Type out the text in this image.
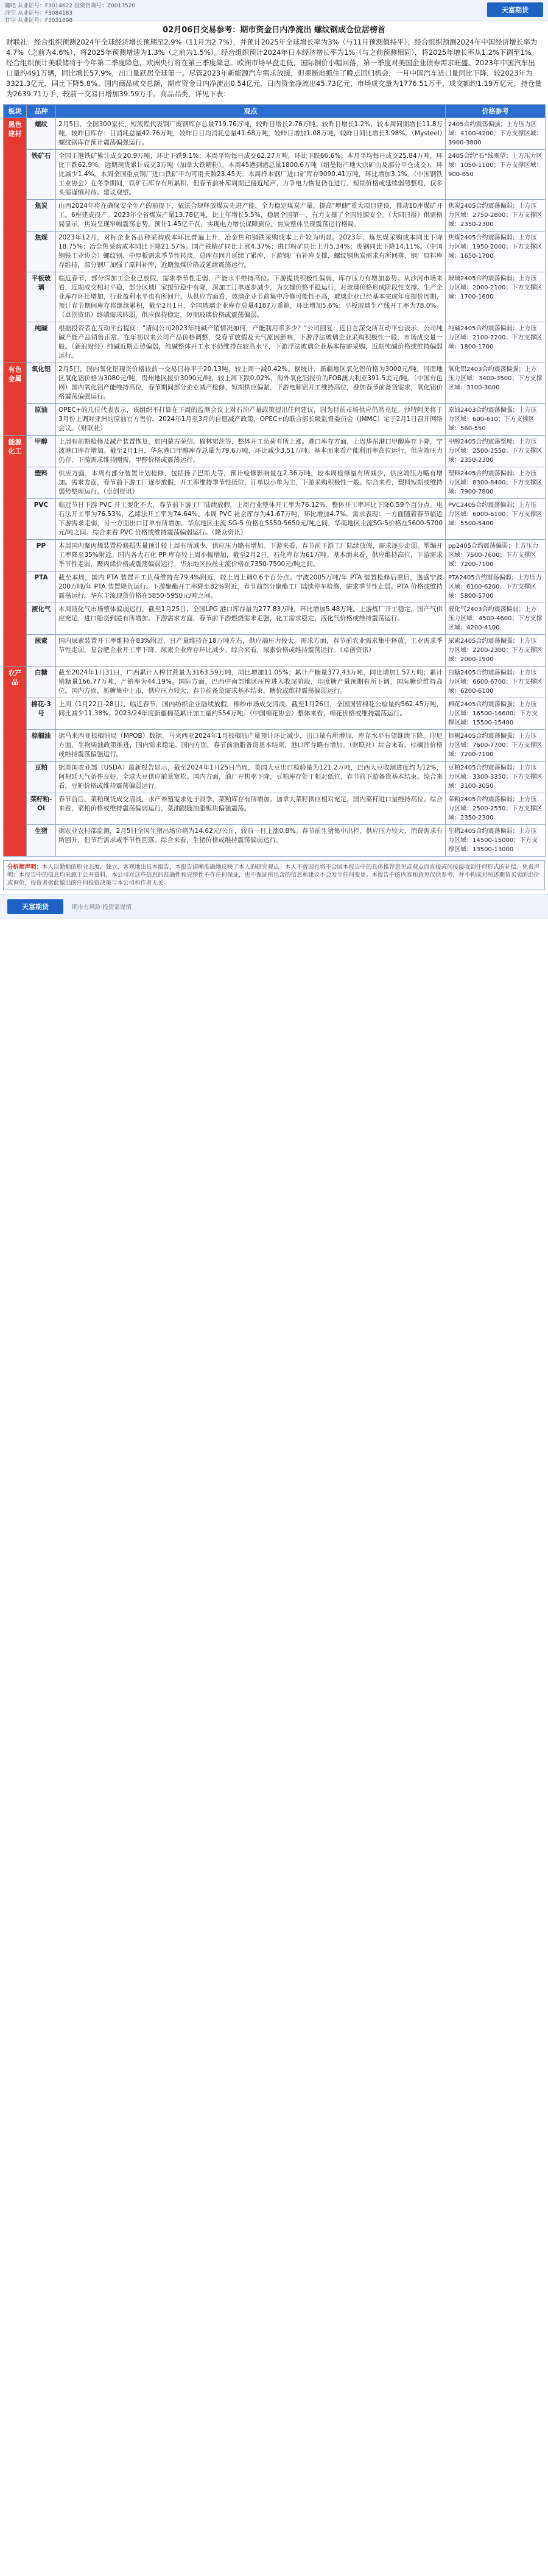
魔吧 从业证号：F3014622 投资咨询号：Z0013520
汪宇 从业证号：F3084183
甘宇 从业证号：F3031898
天富期货
02月06日交易参考：期市资金日内净流出 螺纹钢成仓位居榜首

财联社：经合组织预测2024年全球经济增长预期至2.9%（11月为2.7%），并预计2025年全球增长率为3%（与11月预测值持平）；经合组织预测2024年中国经济增长率为4.7%（之前为4.6%），将2025年预测增速为1.3%（之前为1.5%）。经合组织预计2024年日本经济增长率为1%（与之前预测相同），将2025年增长率从1.2%下调至1%。经合组织预计美联储将于今年第二季度降息，欧洲央行将在第三季度降息。欧洲市场早盘走低，国际铜价小幅回落，第一季度对美国企业债券需求旺盛。2023年中国汽车出口量约491万辆，同比增长57.9%，出口量跃居全球第一。尽管2023年新能源汽车需求放缓，但果断地抓住了晚点回归机会，一月中国汽车进口量同比下降，较2023年为3321.3亿元，同比下降5.8%。国内商品成交总额，期市资金日内净流出0.54亿元，日内资金净流出45.73亿元，市场成交量为1776.51万手，成交额约1.19万亿元，持仓量为2639.71万手，较前一交易日增加39.59万手。商品品类，详见下表：

板块	品种	观点	价格参考
黑色建材	螺纹	2月5日，全国300家长、短流程代表钢厂废钢库存总量719.76万吨，较昨日增长2.76万吨。较昨日增长1.2%，较本周同期增长11.8万吨，较昨日库存：日消耗总量42.76万吨，较昨日日均消耗总量41.68万吨，较昨日增加1.08万吨，较昨日同比增长3.98%。（Mysteel）螺纹钢库存预计震荡偏强运行。	2405合约震荡偏强；上方压力区域：4100-4200；下方支撑区域：3900-3800
	铁矿石	全国主港铁矿累计成交20.9万吨，环比下跌9.1%；本周平均每日成交62.27万吨，环比下跌66.6%；本月平均每日成交25.84万吨，环比下跌62.9%。远期现货累计成交3万吨（加拿大铁精粉）。本周45港到港总量1800.6万吨（纽曼粉产地大宗矿山及部分平仓成交），环比减少1.4%。本周全国重点钢厂进口铁矿平均可用天数23.45天。本周样本钢厂进口矿库存9090.41万吨，环比增加3.1%。（中国钢铁工业协会）在冬季期间，铁矿石库存有所累积，但春节前补库周期已接近尾声，力争电力恢复仍在进行，短期价格或延续弱势整理，仅多头需谨慎对待。建议观望。	2405合约"石"线观望；上方压力区域：1050-1100；下方支撑区域：900-850
	焦炭	山西2024年将在确保安全生产的前提下，依法合规释放煤炭先进产能，全力稳定煤炭产量，提高"增储"重大项目建设，推动10座煤矿开工。6座建成投产。2023年全省煤炭产量13.78亿吨，比上年增长5.5%，稳居全国第一，有力支撑了全国能源安全。（大同日报）供需格局显示，焦炭呈现窄幅震荡态势，预计1.45亿千瓦，实现电力增长保障到位，焦炭整体呈现震荡运行格局。	焦炭2405合约震荡偏弱；上方压力区域：2750-2800；下方支撑区域：2350-2300
	焦煤	2023年12月，对标企业各品种采购成本环比普遍上升，冶金焦和钢铁采购成本上升较为明显。2023年，炼焦煤采购成本同比下降18.75%；冶金焦采购成本同比下降21.57%。国产铁精矿同比上涨4.37%；进口粉矿同比上升5.34%；废钢同比下降14.11%。（中国钢铁工业协会）螺纹钢、中厚板需求季节性转淡，总库存回升延续了累库，下游钢厂有补库支撑，螺纹钢焦炭需求有所回落，钢厂原料库存维持，部分钢厂加强了原料补库，近期焦煤价格或延续震荡运行。	焦煤2405合约震荡偏弱；上方压力区域：1950-2000；下方支撑区域：1650-1700
	平板玻璃	临近春节，部分深加工企业已放假，需求季节性走弱，产能水平维持高位。下游提货积极性偏弱，库存压力有增加态势。从沙河市场来看，近期成交相对平稳，部分区域厂家报价稳中有降，深加工订单逐步减少，为支撑价格平稳运行，对玻璃价格形成阶段性支撑。生产企业库存环比增加，行业盈利水平也有所回升。从供应方面看，玻璃企业节前集中冷修可能性不高，玻璃企业已经基本完成年度提价周期，预计春节期间库存将继续累积，截至2月1日，全国玻璃企业库存总量4187万重箱，环比增加5.6%；平板玻璃生产线开工率为78.0%。（卓创资讯）终端需求转弱，供应保持稳定，短期玻璃价格或震荡偏弱。	玻璃2405合约震荡偏弱；上方压力区域：2000-2100；下方支撑区域：1700-1600
	纯碱	根据投资者在互动平台提问："请问公司2023年纯碱产销情况如何，产能利用率多少？"公司回复：近日在深交所互动平台表示，公司纯碱产能产品销售正常。在年初以来公司产品价格调整，受春节放假及天气原因影响，下游浮法玻璃企业采购积极性一般，市场成交量一般。（新浪财经）纯碱近期走势偏弱，纯碱整体开工水平仍维持在较高水平，下游浮法玻璃企业基本按需采购，近期纯碱价格或维持偏弱运行。	纯碱2405合约震荡偏弱；上方压力区域：2100-2200；下方支撑区域：1800-1700
有色金属	氧化铝	2月5日，国内氧化铝现货价格较前一交易日持平于20.13吨，较上周一减0.42%。据统计，新疆地区氧化铝价格为3000元/吨，河南地区氧化铝价格为3080元/吨，贵州地区报价3090元/吨，较上周下跌0.02%，海外氧化铝报价为FOB澳大利亚391.5美元/吨。（中国有色网）国内氧化铝产能维持高位，春节期间部分企业减产检修，短期供应偏紧，下游电解铝开工维持高位，叠加春节前备货需求，氧化铝价格震荡偏强运行。	氧化铝2403合约震荡偏强；上方压力区域：3400-3500；下方支撑区域：3100-3000
	原油	OPEC+的几位代表表示，该组织不打算在下周的监测会议上对石油产量政策提出任何建议，因为目前市场供应仍然充足。沙特阿美将于3月份上调对亚洲的原油官方售价。2024年1月至3月的自愿减产政策，OPEC+的联合部长级监督委员会（JMMC）定于2月1日召开网络会议。（财联社）	原油2403合约震荡偏强；上方压力区域：600-610；下方支撑区域：560-550
能源化工	甲醇	上周有前期检修及减产装置恢复，如内蒙古荣信、榆林宛茨等，整体开工负荷有所上涨。港口库存方面，上周华东港口甲醇库存下降，宁波港口库存增加。截至2月1日，华东港口甲醇库存总量为79.6万吨，环比减少3.51万吨。基本面来看产能利用率高位运行，供应端压力仍存，下游需求维持刚需，甲醇价格或震荡运行。	甲醇2405合约震荡整理；上方压力区域：2500-2550；下方支撑区域：2350-2300
	塑料	供应方面，本周有部分装置计划检修，包括扬子巴斯夫等，预计检修影响量在2.36万吨，较本周检修量有所减少，供应端压力略有增加。需求方面，春节前下游工厂逐步放假，开工率维持季节性低位，订单以小单为主，下游采购积极性一般。综合来看，塑料短期或维持弱势整理运行。（卓创资讯）	塑料2405合约震荡偏弱；上方压力区域：8300-8400；下方支撑区域：7900-7800
	PVC	临近节日下游 PVC 开工变化不大，春节前下游工厂陆续放假，上周行业整体开工率为76.12%，整体开工率环比下降0.59个百分点。电石法开工率为76.53%，乙烯法开工率为74.64%。本周 PVC 社会库存为41.67万吨，环比增加4.7%。需求表现：一方面随着春节临近下游需求走弱，另一方面出口订单有所增加。华东地区主流 SG-5 价格在5550-5650元/吨之间，华南地区主流SG-5价格在5600-5700元/吨之间。综合来看 PVC 价格或维持震荡偏弱运行。（隆众资讯）	PVC2405合约震荡偏弱；上方压力区域：6000-6100；下方支撑区域：5500-5400
	PP	本周国内聚丙烯装置检修损失量预计较上周有所减少，供应压力略有增加。下游来看，春节前下游工厂陆续放假，需求逐步走弱，塑编开工率降至35%附近。国内各大石化 PP 库存较上周小幅增加，截至2月2日，石化库存为61万吨。基本面来看，供应维持高位，下游需求季节性走弱，聚丙烯价格或震荡偏弱运行。华东地区拉丝主流价格在7350-7500元/吨之间。	pp2405合约震荡偏弱；上方压力区域：7500-7600；下方支撑区域：7200-7100
	PTA	截至本周，国内 PTA 装置开工负荷维持在79.4%附近，较上周上调0.6个百分点。宁波2005万吨/年 PTA 装置检修后重启，逸盛宁波200万吨/年 PTA 装置降负运行。下游聚酯开工率降至82%附近，春节前部分聚酯工厂陆续停车检修，需求季节性走弱。PTA 价格或维持震荡运行。华东主流现货价格在5850-5950元/吨之间。	PTA2405合约震荡偏弱；上方压力区域：6100-6200；下方支撑区域：5800-5700
	液化气	本周液化气市场整体偏弱运行，截至1月25日，全国LPG 港口库存量为277.83万吨，环比增加5.48万吨。上游炼厂开工稳定，国产气供应充足，进口船货到港有所增加。下游需求方面，春节前下游燃烧需求走强，化工需求稳定，液化气价格或维持震荡运行。	液化气2403合约震荡偏弱；上方压力区域：4500-4600；下方支撑区域：4200-4100
	尿素	国内尿素装置开工率维持在83%附近，日产量维持在18万吨左右，供应端压力较大。需求方面，春节前农业需求集中释放，工业需求季节性走弱，复合肥企业开工率下降。尿素企业库存环比减少。综合来看，尿素价格或维持震荡运行。（卓创资讯）	尿素2405合约震荡偏强；上方压力区域：2200-2300；下方支撑区域：2000-1900
农产品	白糖	截至2024年1月31日，广西累计入榨甘蔗量为3163.59万吨，同比增加11.05%；累计产糖量377.43万吨，同比增加1.57万吨；累计销糖量166.77万吨，产销率为44.19%。国际方面，巴西中南部地区压榨进入收尾阶段，印度糖产量预期有所下调，国际糖价维持高位。国内方面，新糖集中上市，供应压力较大，春节前备货需求基本结束，糖价或维持震荡偏弱运行。	白糖2405合约震荡偏弱；上方压力区域：6600-6700；下方支撑区域：6200-6100
	棉花-3号	上周（1月22日-28日），临近春节，国内纺织企业陆续放假，棉纱市场成交清淡。截至1月26日，全国国营棉花公检量约562.45万吨，同比减少11.38%。2023/24年度新疆棉花累计加工量约554万吨。（中国棉花协会）整体来看，棉花价格或维持震荡运行。	棉花2405合约震荡偏强；上方压力区域：16500-16600；下方支撑区域：15500-15400
	棕榈油	据马来西亚棕榈油局（MPOB）数据，马来西亚2024年1月棕榈油产量预计环比减少，出口量有所增加，库存水平有望继续下降。印尼方面，生物柴油政策推进，国内需求稳定。国内方面，春节前油脂备货基本结束，港口库存略有增加。（财联社）综合来看，棕榈油价格或维持震荡偏强运行。	棕榈2405合约震荡偏强；上方压力区域：7600-7700；下方支撑区域：7200-7100
	豆粕	据美国农业部（USDA）最新报告显示，截至2024年1月25日当周，美国大豆出口检验量为121.2万吨，巴西大豆收割进度约为12%，阿根廷天气条件良好，全球大豆供应前景宽松。国内方面，油厂开机率下降，豆粕库存处于相对低位，春节前下游备货基本结束。综合来看，豆粕价格或维持震荡偏弱运行。	豆粕2405合约震荡偏弱；上方压力区域：3300-3350；下方支撑区域：3100-3050
	菜籽粕-OI	春节前后，菜粕现货成交清淡，水产养殖需求处于淡季，菜粕库存有所增加。加拿大菜籽供应相对充足，国内菜籽进口量维持高位。综合来看，菜粕价格或维持震荡偏弱运行，菜油跟随油脂板块偏强震荡。	菜粕2405合约震荡偏弱；上方压力区域：2500-2550；下方支撑区域：2350-2300
	生猪	据农业农村部监测，2月5日全国生猪出场价格为14.62元/公斤，较前一日上涨0.8%。春节前生猪集中出栏，供应压力较大，消费需求有所回升，但节后需求或季节性回落。综合来看，生猪价格或维持震荡偏弱运行。	生猪2405合约震荡偏弱；上方压力区域：14500-15000；下方支撑区域：13500-13000
分析师声明：本人以勤勉的职业态度，独立、客观地出具本报告，本报告清晰准确地反映了本人的研究观点。本人不曾因也将不会因本报告中的具体推荐意见或观点而直接或间接接收到任何形式的补偿。免责声明：本报告中的信息均来源于公开资料，本公司对这些信息的准确性和完整性不作任何保证，也不保证所包含的信息和建议不会发生任何变更。本报告中的内容和意见仅供参考，并不构成对所述期货买卖的出价或询价，投资者据此做出的任何投资决策与本公司和作者无关。
天富期货	期市有风险 投资需谨慎
